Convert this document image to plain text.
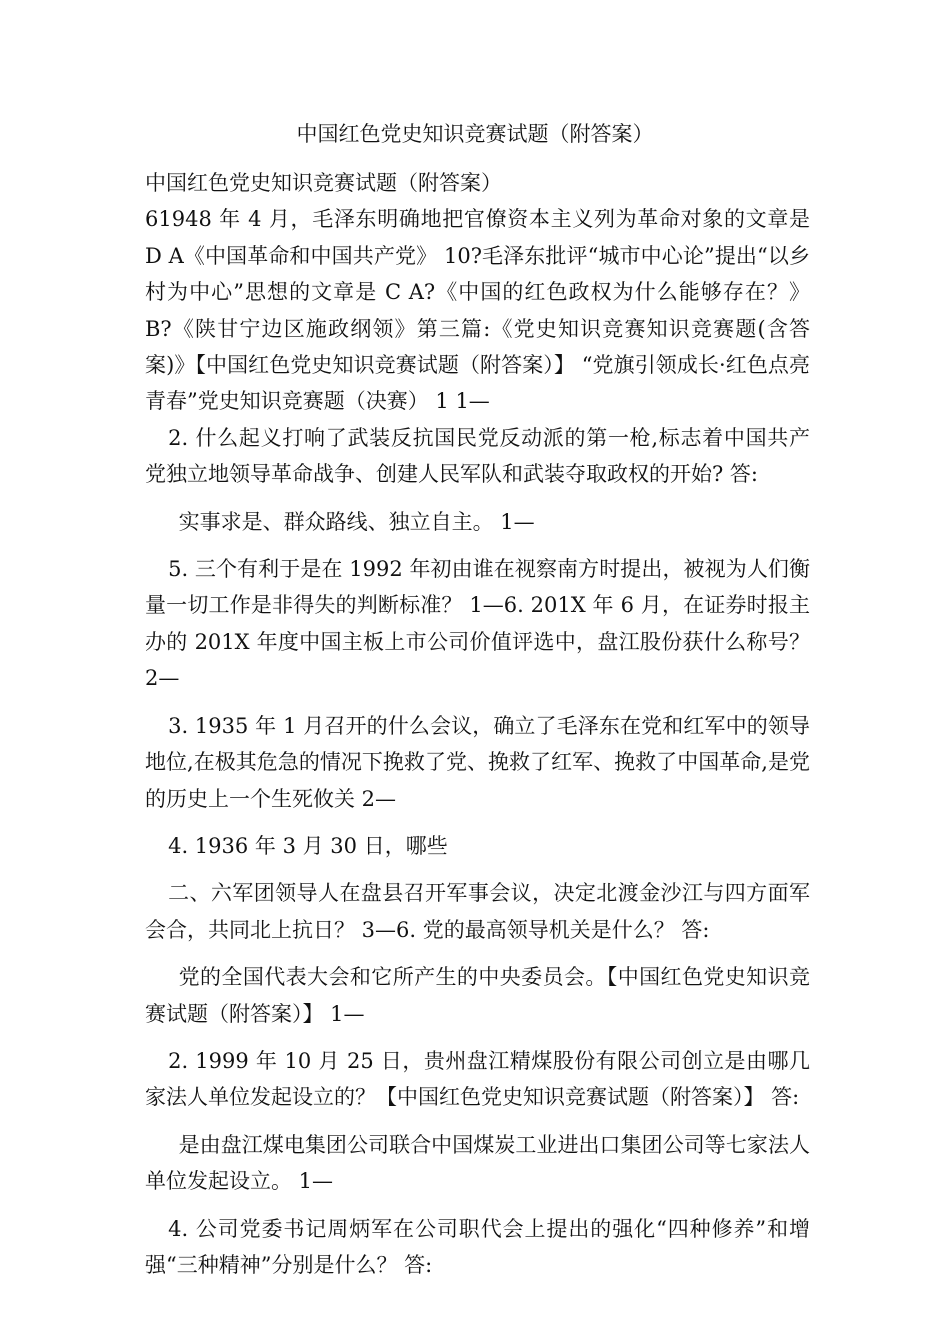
中国红色党史知识竞赛试题（附答案）

中国红色党史知识竞赛试题（附答案）

61948 年 4 月，毛泽东明确地把官僚资本主义列为革命对象的文章是 D A《中国革命和中国共产党》 10?毛泽东批评“城市中心论”提出“以乡村为中心”思想的文章是 C A?《中国的红色政权为什么能够存在？》 B?《陕甘宁边区施政纲领》第三篇:《党史知识竞赛知识竞赛题(含答案)》【中国红色党史知识竞赛试题（附答案）】 “党旗引领成长·红色点亮青春”党史知识竞赛题（决赛） 1 1—

2. 什么起义打响了武装反抗国民党反动派的第一枪,标志着中国共产党独立地领导革命战争、创建人民军队和武装夺取政权的开始? 答:

实事求是、群众路线、独立自主。 1—

5. 三个有利于是在 1992 年初由谁在视察南方时提出，被视为人们衡量一切工作是非得失的判断标准？ 1—6. 201X 年 6 月，在证券时报主办的 201X 年度中国主板上市公司价值评选中，盘江股份获什么称号？ 2—

3. 1935 年 1 月召开的什么会议，确立了毛泽东在党和红军中的领导地位,在极其危急的情况下挽救了党、挽救了红军、挽救了中国革命,是党的历史上一个生死攸关 2—

4. 1936 年 3 月 30 日，哪些

二、六军团领导人在盘县召开军事会议，决定北渡金沙江与四方面军会合，共同北上抗日？ 3—6. 党的最高领导机关是什么？ 答:

党的全国代表大会和它所产生的中央委员会。【中国红色党史知识竞赛试题（附答案）】 1—

2. 1999 年 10 月 25 日，贵州盘江精煤股份有限公司创立是由哪几家法人单位发起设立的？【中国红色党史知识竞赛试题（附答案）】 答:

是由盘江煤电集团公司联合中国煤炭工业进出口集团公司等七家法人单位发起设立。 1—

4. 公司党委书记周炳军在公司职代会上提出的强化“四种修养”和增强“三种精神”分别是什么？ 答:
